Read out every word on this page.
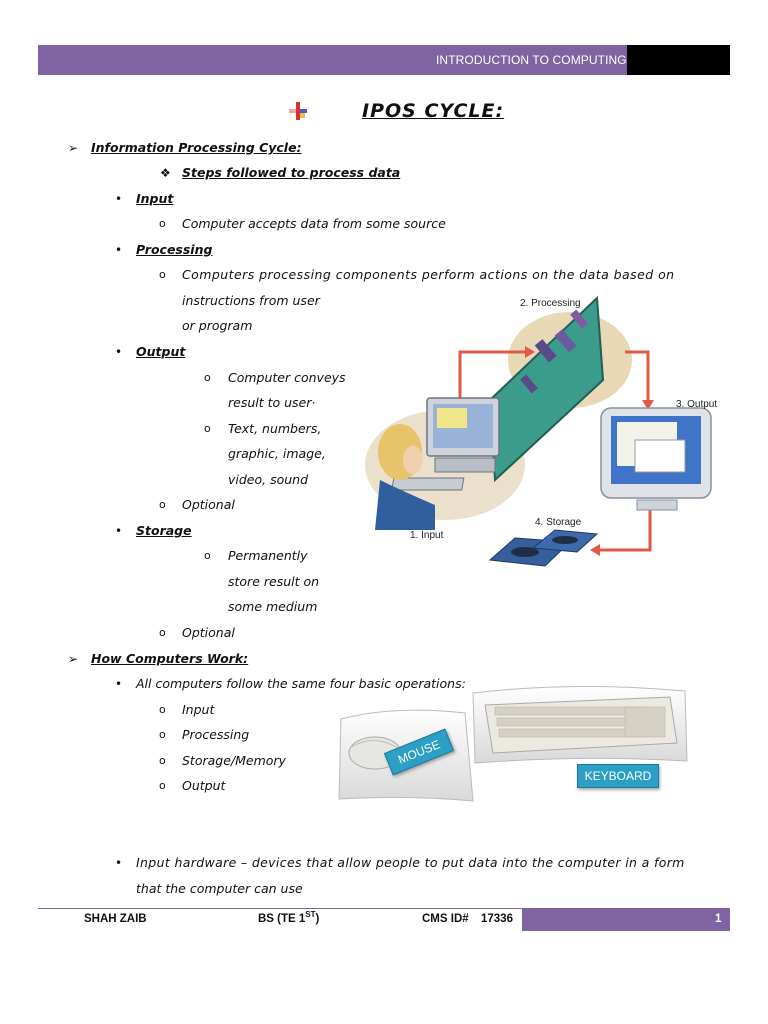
INTRODUCTION TO COMPUTING
IPOS CYCLE:
➢ Information Processing Cycle:
❖ Steps followed to process data
• Input
o Computer accepts data from some source
• Processing
o Computers processing components perform actions on the data based on
instructions from user
or program
• Output
o Computer conveys
result to user·
o Text, numbers,
graphic, image,
video, sound
o Optional
• Storage
o Permanently
store result on
some medium
o Optional
➢ How Computers Work:
• All computers follow the same four basic operations:
o Input
o Processing
o Storage/Memory
o Output
• Input hardware – devices that allow people to put data into the computer in a form
that the computer can use
2. Processing
3. Output
4. Storage
1. Input
MOUSE
KEYBOARD
SHAH ZAIB	BS (TE 1ST)	CMS ID# 17336	1
